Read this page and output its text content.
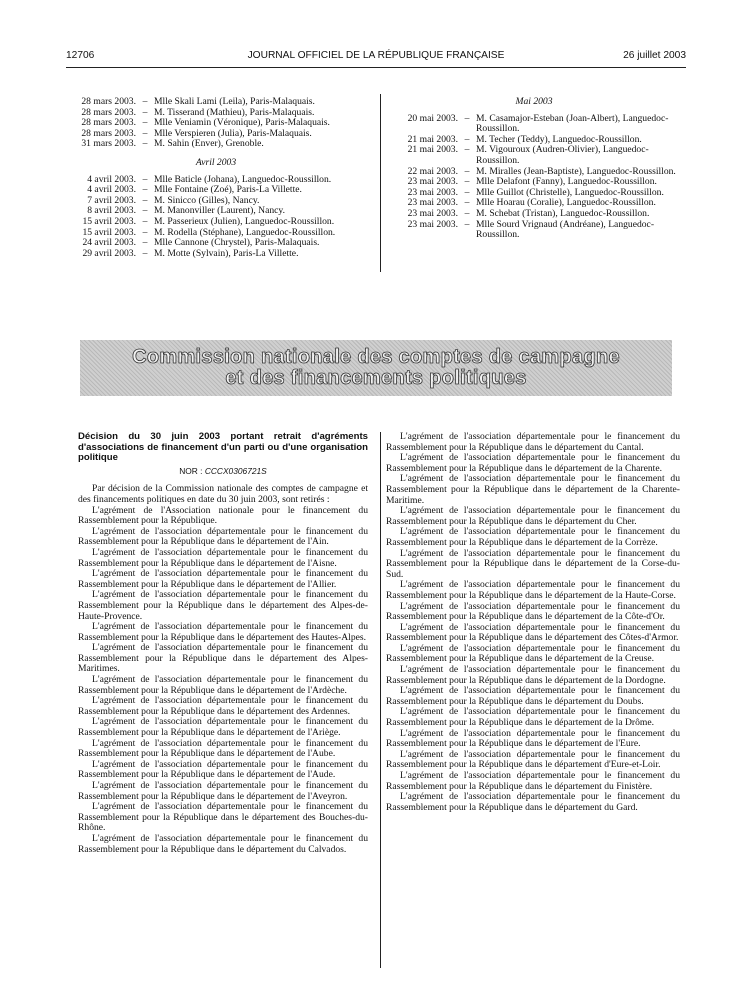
12706	JOURNAL OFFICIEL DE LA RÉPUBLIQUE FRANÇAISE	26 juillet 2003
28 mars 2003. – Mlle Skali Lami (Leila), Paris-Malaquais.
28 mars 2003. – M. Tisserand (Mathieu), Paris-Malaquais.
28 mars 2003. – Mlle Veniamin (Véronique), Paris-Malaquais.
28 mars 2003. – Mlle Verspieren (Julia), Paris-Malaquais.
31 mars 2003. – M. Sahin (Enver), Grenoble.
Avril 2003
4 avril 2003. – Mlle Baticle (Johana), Languedoc-Roussillon.
4 avril 2003. – Mlle Fontaine (Zoé), Paris-La Villette.
7 avril 2003. – M. Sinicco (Gilles), Nancy.
8 avril 2003. – M. Manonviller (Laurent), Nancy.
15 avril 2003. – M. Passerieux (Julien), Languedoc-Roussillon.
15 avril 2003. – M. Rodella (Stéphane), Languedoc-Roussillon.
24 avril 2003. – Mlle Cannone (Chrystel), Paris-Malaquais.
29 avril 2003. – M. Motte (Sylvain), Paris-La Villette.
Mai 2003
20 mai 2003. – M. Casamajor-Esteban (Joan-Albert), Languedoc-Roussillon.
21 mai 2003. – M. Techer (Teddy), Languedoc-Roussillon.
21 mai 2003. – M. Vigouroux (Audren-Olivier), Languedoc-Roussillon.
22 mai 2003. – M. Miralles (Jean-Baptiste), Languedoc-Roussillon.
23 mai 2003. – Mlle Delafont (Fanny), Languedoc-Roussillon.
23 mai 2003. – Mlle Guillot (Christelle), Languedoc-Roussillon.
23 mai 2003. – Mlle Hoarau (Coralie), Languedoc-Roussillon.
23 mai 2003. – M. Schebat (Tristan), Languedoc-Roussillon.
23 mai 2003. – Mlle Sourd Vrignaud (Andréane), Languedoc-Roussillon.
Commission nationale des comptes de campagne
et des financements politiques

Décision du 30 juin 2003 portant retrait d'agréments d'associations de financement d'un parti ou d'une organisation politique

NOR : CCCX0306721S

Par décision de la Commission nationale des comptes de campagne et des financements politiques en date du 30 juin 2003, sont retirés :

L'agrément de l'Association nationale pour le financement du Rassemblement pour la République.

L'agrément de l'association départementale pour le financement du Rassemblement pour la République dans le département de l'Ain.

L'agrément de l'association départementale pour le financement du Rassemblement pour la République dans le département de l'Aisne.

L'agrément de l'association départementale pour le financement du Rassemblement pour la République dans le département de l'Allier.

L'agrément de l'association départementale pour le financement du Rassemblement pour la République dans le département des Alpes-de-Haute-Provence.

L'agrément de l'association départementale pour le financement du Rassemblement pour la République dans le département des Hautes-Alpes.

L'agrément de l'association départementale pour le financement du Rassemblement pour la République dans le département des Alpes-Maritimes.

L'agrément de l'association départementale pour le financement du Rassemblement pour la République dans le département de l'Ardèche.

L'agrément de l'association départementale pour le financement du Rassemblement pour la République dans le département des Ardennes.

L'agrément de l'association départementale pour le financement du Rassemblement pour la République dans le département de l'Ariège.

L'agrément de l'association départementale pour le financement du Rassemblement pour la République dans le département de l'Aube.

L'agrément de l'association départementale pour le financement du Rassemblement pour la République dans le département de l'Aude.

L'agrément de l'association départementale pour le financement du Rassemblement pour la République dans le département de l'Aveyron.

L'agrément de l'association départementale pour le financement du Rassemblement pour la République dans le département des Bouches-du-Rhône.

L'agrément de l'association départementale pour le financement du Rassemblement pour la République dans le département du Calvados.

L'agrément de l'association départementale pour le financement du Rassemblement pour la République dans le département du Cantal.

L'agrément de l'association départementale pour le financement du Rassemblement pour la République dans le département de la Charente.

L'agrément de l'association départementale pour le financement du Rassemblement pour la République dans le département de la Charente-Maritime.

L'agrément de l'association départementale pour le financement du Rassemblement pour la République dans le département du Cher.

L'agrément de l'association départementale pour le financement du Rassemblement pour la République dans le département de la Corrèze.

L'agrément de l'association départementale pour le financement du Rassemblement pour la République dans le département de la Corse-du-Sud.

L'agrément de l'association départementale pour le financement du Rassemblement pour la République dans le département de la Haute-Corse.

L'agrément de l'association départementale pour le financement du Rassemblement pour la République dans le département de la Côte-d'Or.

L'agrément de l'association départementale pour le financement du Rassemblement pour la République dans le département des Côtes-d'Armor.

L'agrément de l'association départementale pour le financement du Rassemblement pour la République dans le département de la Creuse.

L'agrément de l'association départementale pour le financement du Rassemblement pour la République dans le département de la Dordogne.

L'agrément de l'association départementale pour le financement du Rassemblement pour la République dans le département du Doubs.

L'agrément de l'association départementale pour le financement du Rassemblement pour la République dans le département de la Drôme.

L'agrément de l'association départementale pour le financement du Rassemblement pour la République dans le département de l'Eure.

L'agrément de l'association départementale pour le financement du Rassemblement pour la République dans le département d'Eure-et-Loir.

L'agrément de l'association départementale pour le financement du Rassemblement pour la République dans le département du Finistère.

L'agrément de l'association départementale pour le financement du Rassemblement pour la République dans le département du Gard.
